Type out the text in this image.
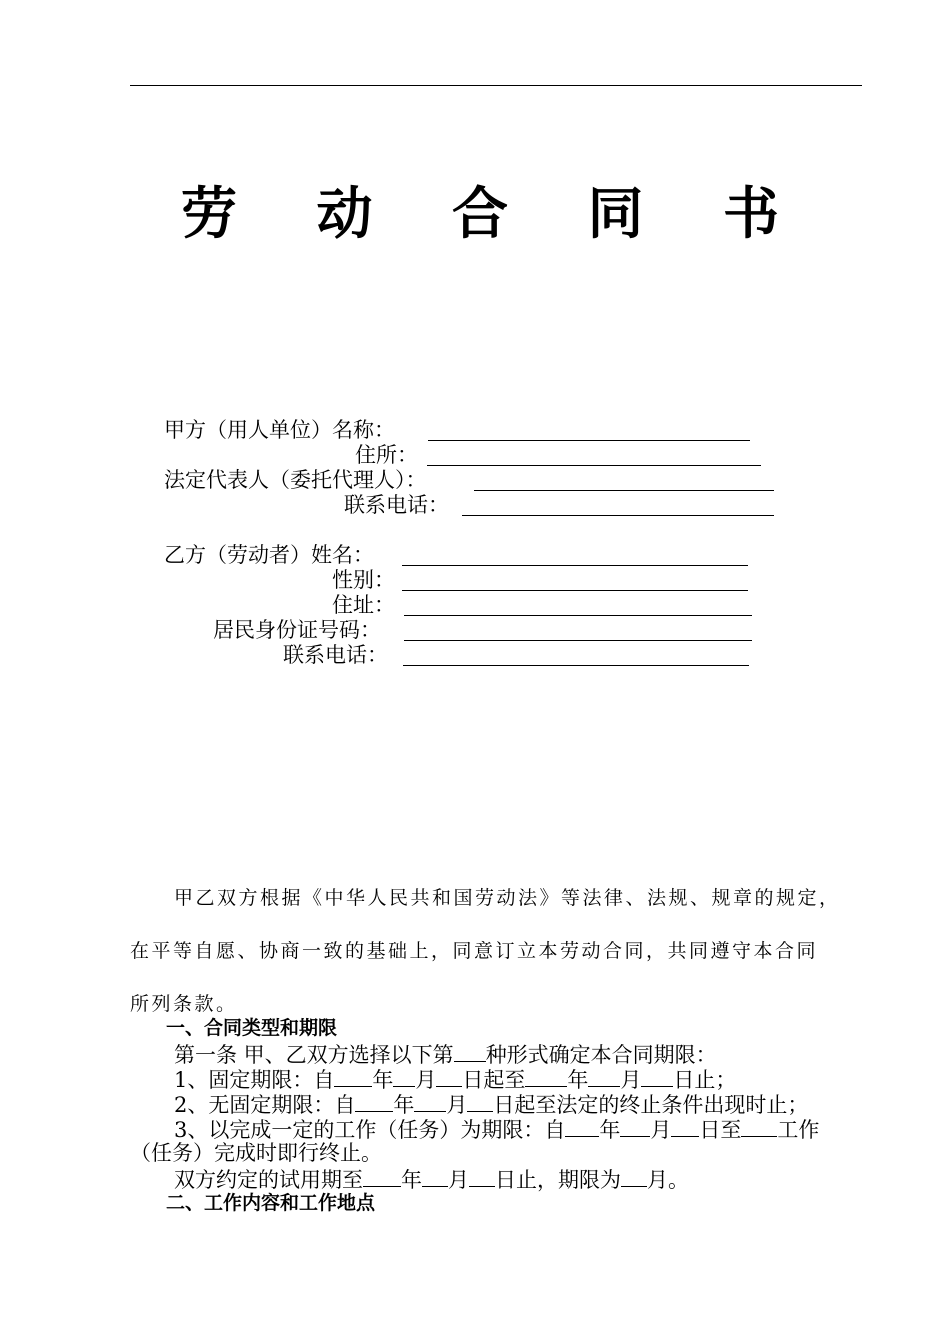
劳 动 合 同 书
甲方（用人单位）名称：
住所：
法定代表人（委托代理人）：
联系电话：
乙方（劳动者）姓名：
性别：
住址：
居民身份证号码：
联系电话：

甲乙双方根据《中华人民共和国劳动法》等法律、法规、规章的规定，

在平等自愿、协商一致的基础上，同意订立本劳动合同，共同遵守本合同

所列条款。

一、合同类型和期限
第一条 甲、乙双方选择以下第 种形式确定本合同期限：
1、固定期限：自 年 月 日起至 年 月 日止；
2、无固定期限：自 年 月 日起至法定的终止条件出现时止；
3、以完成一定的工作（任务）为期限：自 年 月 日至 工作
（任务）完成时即行终止。
双方约定的试用期至 年 月 日止，期限为 月。
二、工作内容和工作地点
